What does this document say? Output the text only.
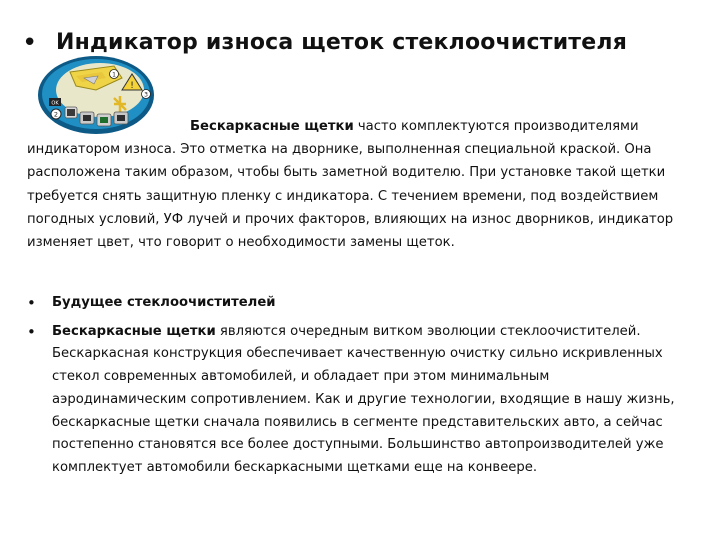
• Индикатор износа щеток стеклоочистителя
!
OK
2
1
3

Бескаркасные щетки часто комплектуются производителями индикатором износа. Это отметка на дворнике, выполненная специальной краской. Она расположена таким образом, чтобы быть заметной водителю. При установке такой щетки требуется снять защитную пленку с индикатора. С течением времени, под воздействием погодных условий, УФ лучей и прочих факторов, влияющих на износ дворников, индикатор изменяет цвет, что говорит о необходимости замены щеток.

•	Будущее стеклоочистителей
•	Бескаркасные щетки являются очередным витком эволюции стеклоочистителей. Бескаркасная конструкция обеспечивает качественную очистку сильно искривленных стекол современных автомобилей, и обладает при этом минимальным аэродинамическим сопротивлением. Как и другие технологии, входящие в нашу жизнь, бескаркасные щетки сначала появились в сегменте представительских авто, а сейчас постепенно становятся все более доступными. Большинство автопроизводителей уже комплектует автомобили бескаркасными щетками еще на конвеере.
